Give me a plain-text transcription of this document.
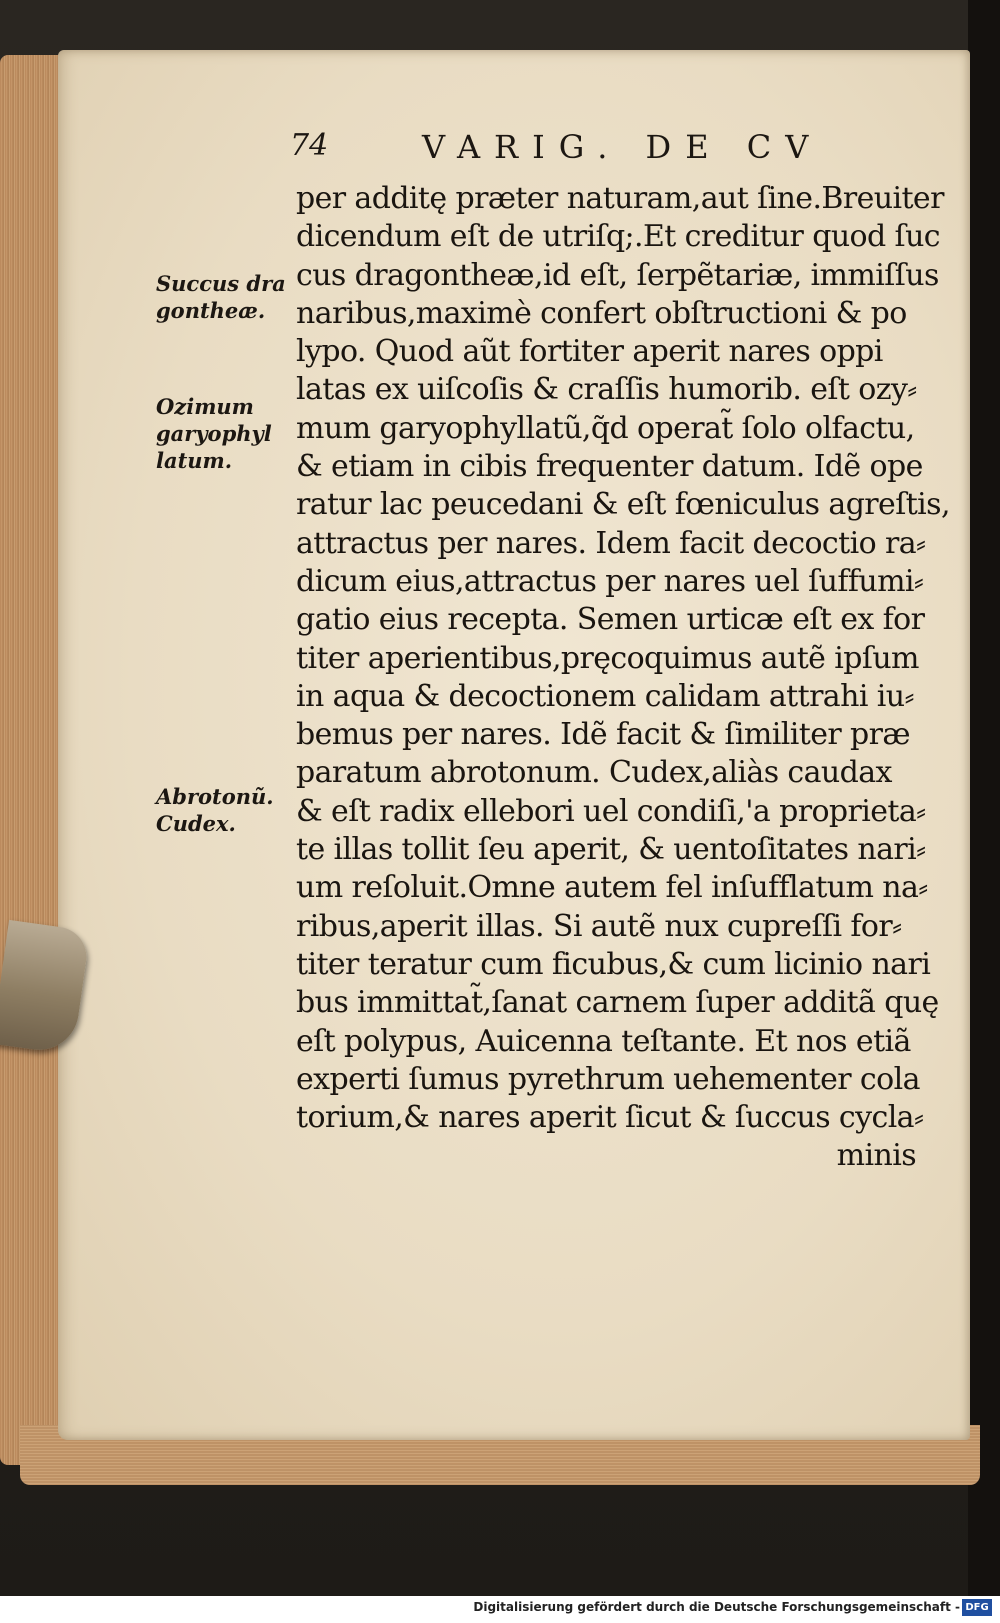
74	VARIG. DE CV
Succus dra
gontheæ.
Ozimum
garyophyl
latum.
Abrotonũ.
Cudex.
per additę præter naturam,aut ſine.Breuiter
dicendum eſt de utriſq;.Et creditur quod ſuc
cus dragontheæ,id eſt, ſerpẽtariæ, immiſſus
naribus,maximè confert obſtructioni & po
lypo. Quod aũt fortiter aperit nares oppi
latas ex uiſcoſis & craſſis humorib. eſt ozy⸗
mum garyophyllatũ,q̃d operat̃ ſolo olfactu,
& etiam in cibis frequenter datum. Idẽ ope
ratur lac peucedani & eſt fœniculus agreſtis,
attractus per nares. Idem facit decoctio ra⸗
dicum eius,attractus per nares uel ſuffumi⸗
gatio eius recepta. Semen urticæ eſt ex for
titer aperientibus,pręcoquimus autẽ ipſum
in aqua & decoctionem calidam attrahi iu⸗
bemus per nares. Idẽ facit & ſimiliter præ
paratum abrotonum. Cudex,aliàs caudax
& eſt radix ellebori uel condiſi,'a proprieta⸗
te illas tollit ſeu aperit, & uentoſitates nari⸗
um reſoluit.Omne autem fel inſufflatum na⸗
ribus,aperit illas. Si autẽ nux cupreſſi for⸗
titer teratur cum ficubus,& cum licinio nari
bus immittat̃,ſanat carnem ſuper additã quę
eſt polypus, Auicenna teſtante. Et nos etiã
experti ſumus pyrethrum uehementer cola
torium,& nares aperit ſicut & ſuccus cycla⸗
minis
Digitalisierung gefördert durch die Deutsche Forschungsgemeinschaft - DFG
